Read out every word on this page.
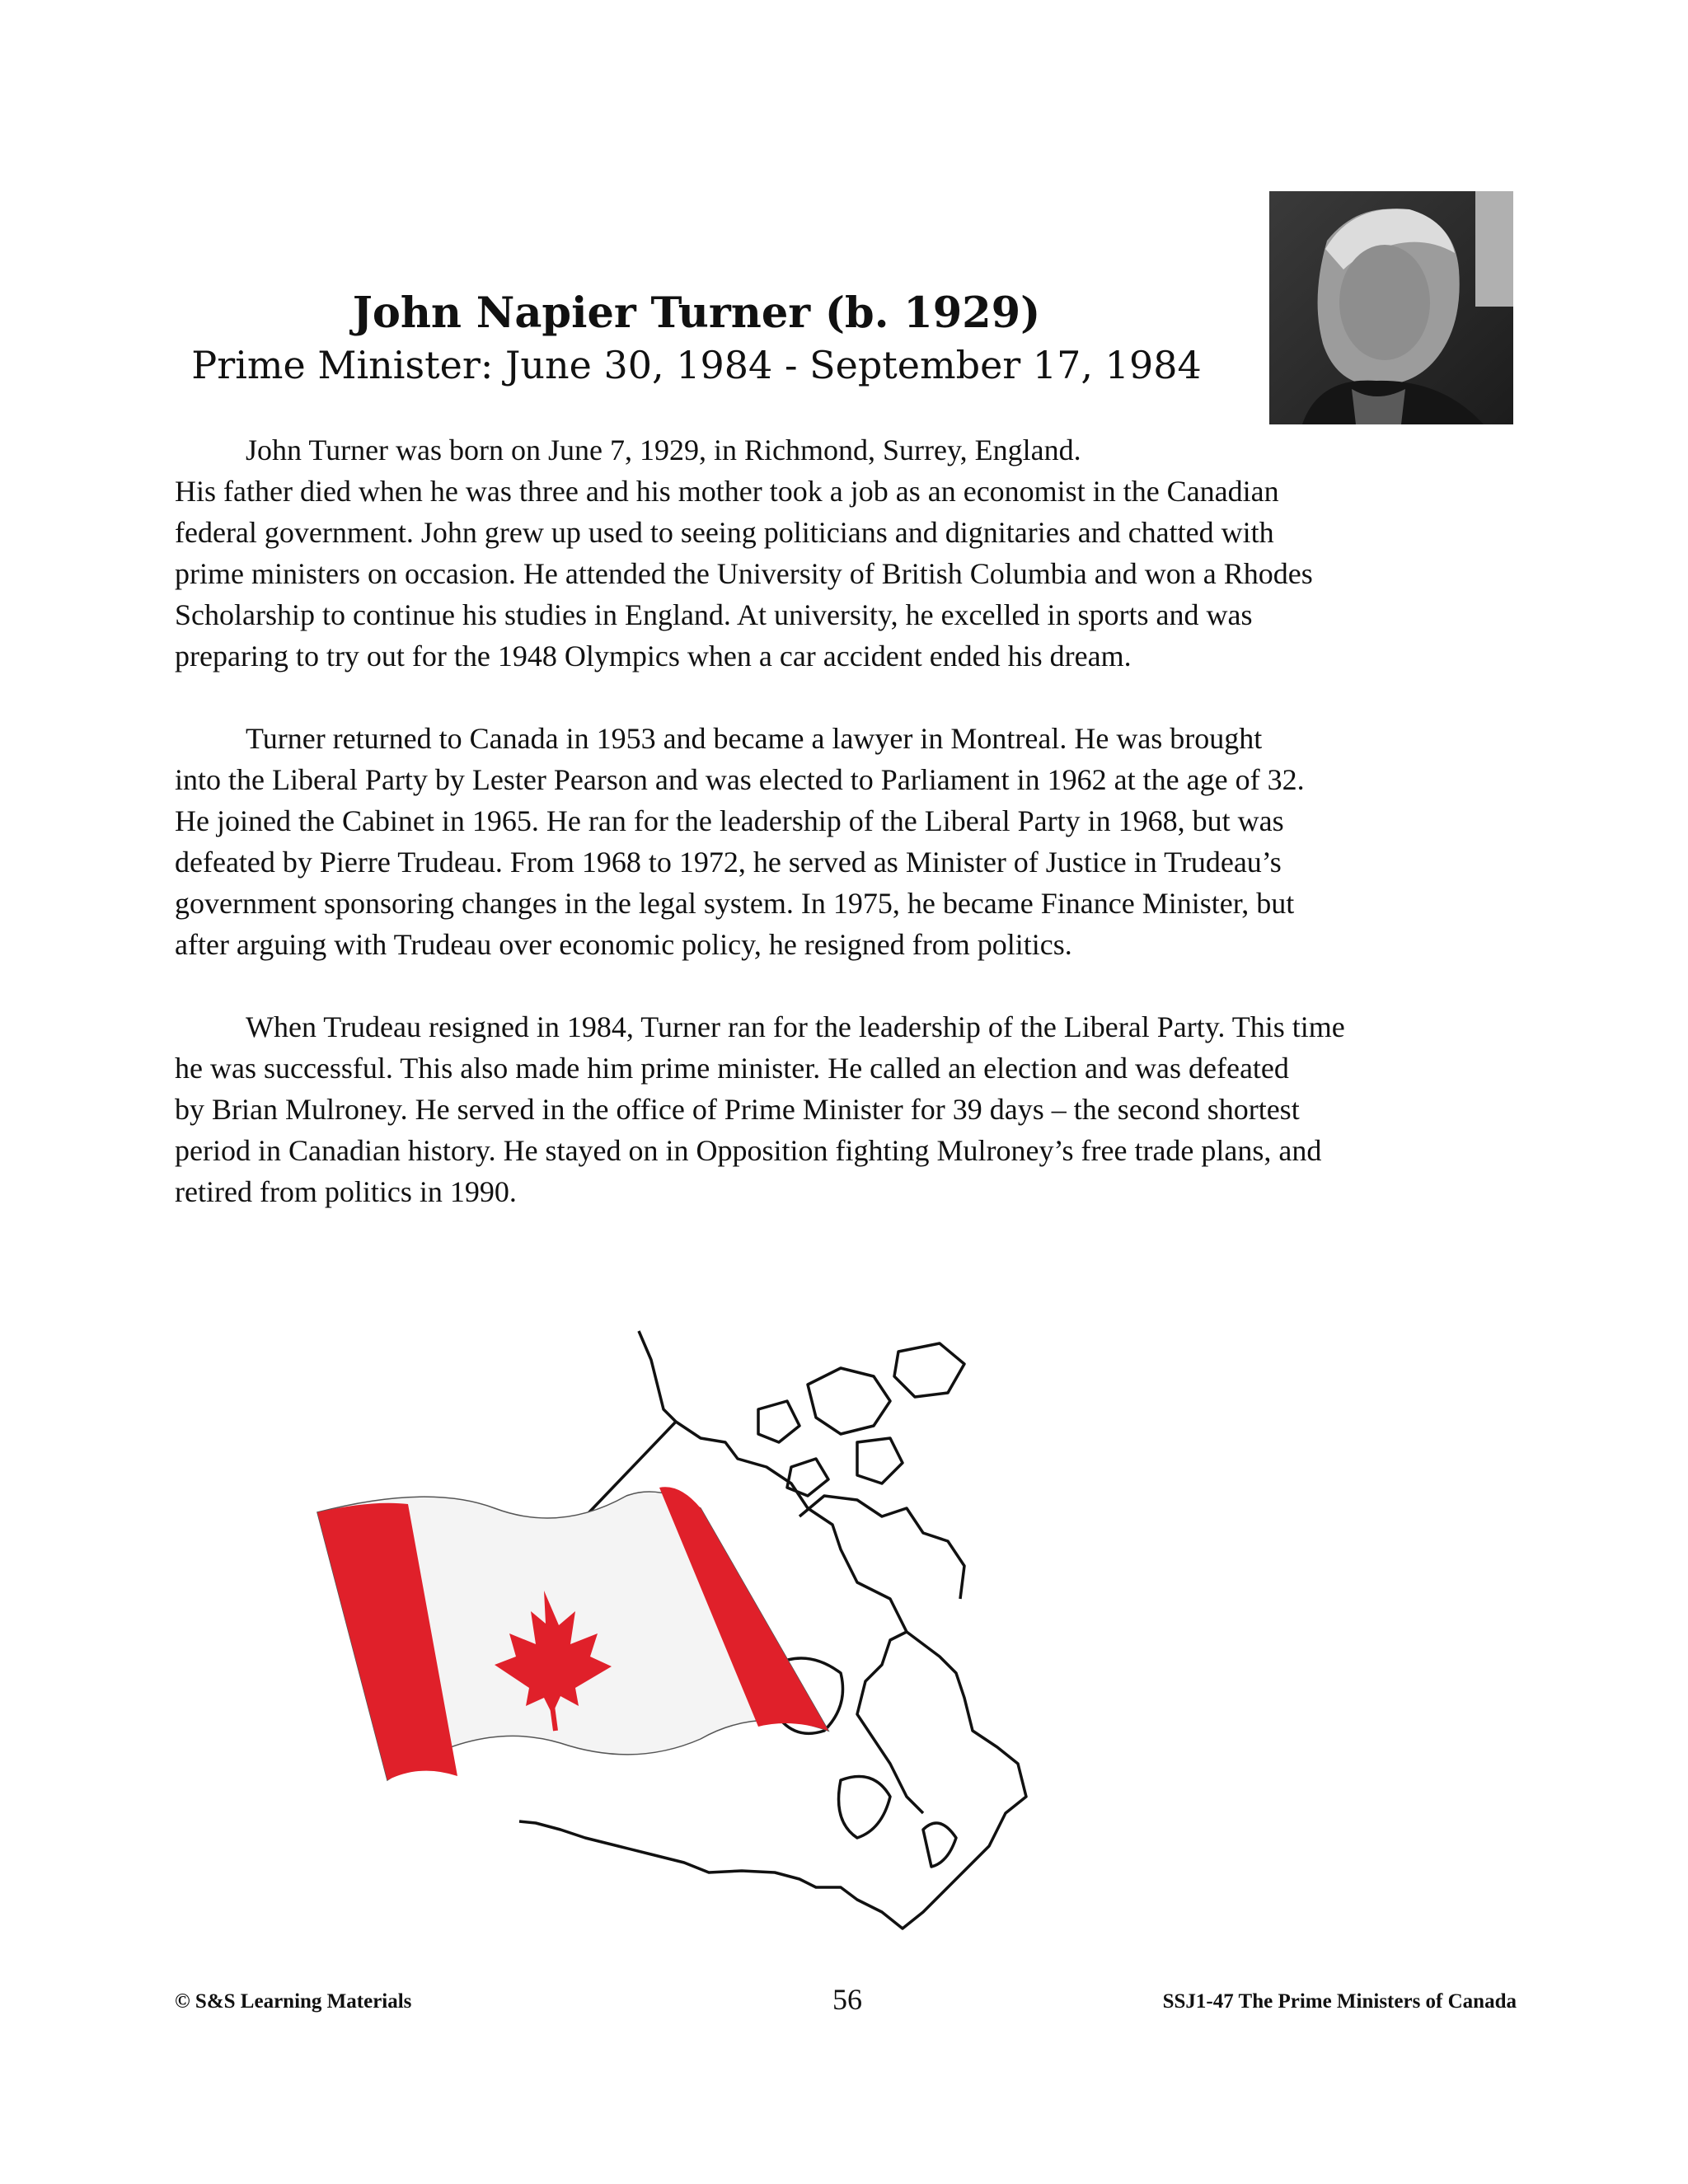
John Napier Turner (b. 1929)

Prime Minister: June 30, 1984 - September 17, 1984

John Turner was born on June 7, 1929, in Richmond, Surrey, England.
His father died when he was three and his mother took a job as an economist in the Canadian
federal government. John grew up used to seeing politicians and dignitaries and chatted with
prime ministers on occasion. He attended the University of British Columbia and won a Rhodes
Scholarship to continue his studies in England. At university, he excelled in sports and was
preparing to try out for the 1948 Olympics when a car accident ended his dream.

Turner returned to Canada in 1953 and became a lawyer in Montreal. He was brought
into the Liberal Party by Lester Pearson and was elected to Parliament in 1962 at the age of 32.
He joined the Cabinet in 1965. He ran for the leadership of the Liberal Party in 1968, but was
defeated by Pierre Trudeau. From 1968 to 1972, he served as Minister of Justice in Trudeau’s
government sponsoring changes in the legal system. In 1975, he became Finance Minister, but
after arguing with Trudeau over economic policy, he resigned from politics.

When Trudeau resigned in 1984, Turner ran for the leadership of the Liberal Party. This time
he was successful. This also made him prime minister. He called an election and was defeated
by Brian Mulroney. He served in the office of Prime Minister for 39 days – the second shortest
period in Canadian history. He stayed on in Opposition fighting Mulroney’s free trade plans, and
retired from politics in 1990.

© S&S Learning Materials	56	SSJ1-47 The Prime Ministers of Canada
